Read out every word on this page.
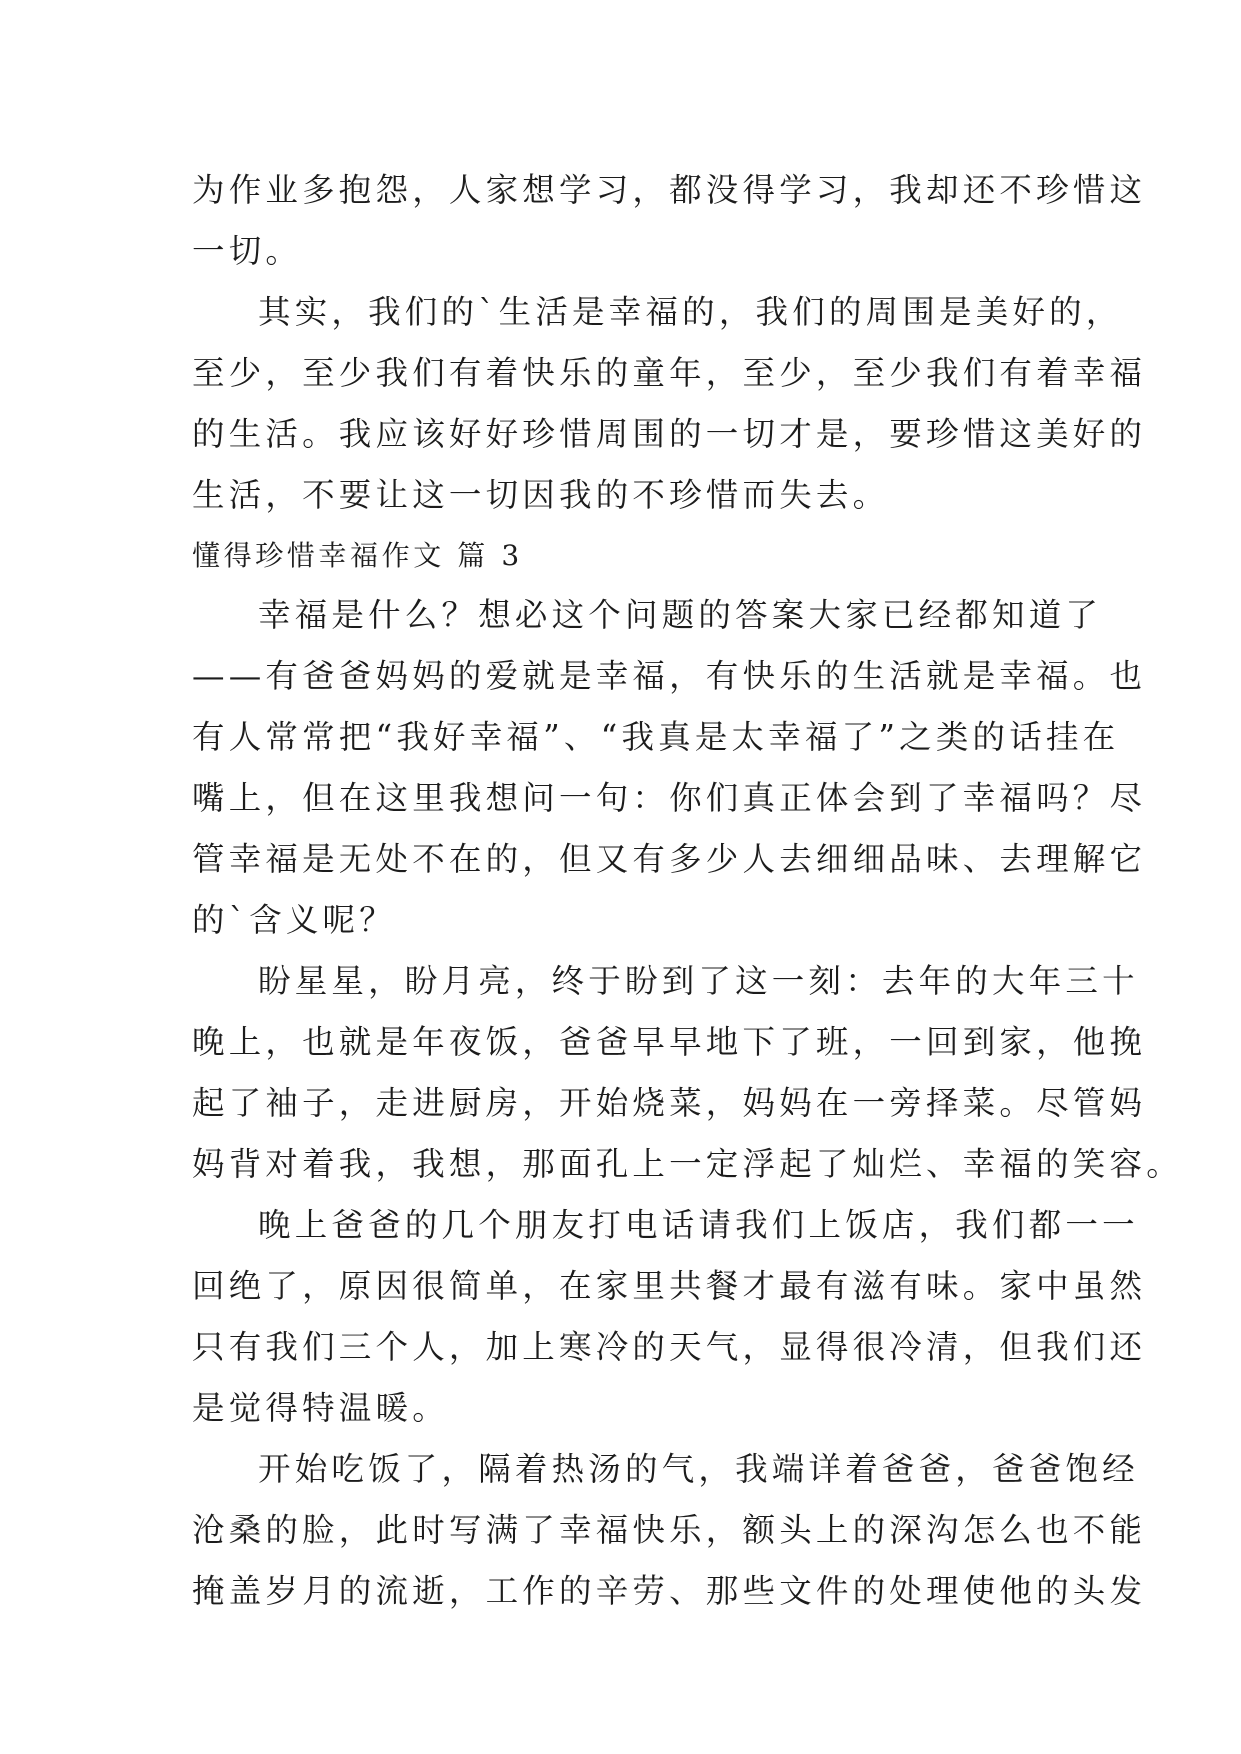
为作业多抱怨，人家想学习，都没得学习，我却还不珍惜这
一切。
其实，我们的`生活是幸福的，我们的周围是美好的，
至少，至少我们有着快乐的童年，至少，至少我们有着幸福
的生活。我应该好好珍惜周围的一切才是，要珍惜这美好的
生活，不要让这一切因我的不珍惜而失去。
懂得珍惜幸福作文 篇 3
幸福是什么？想必这个问题的答案大家已经都知道了
——有爸爸妈妈的爱就是幸福，有快乐的生活就是幸福。也
有人常常把“我好幸福”、“我真是太幸福了”之类的话挂在
嘴上，但在这里我想问一句：你们真正体会到了幸福吗？尽
管幸福是无处不在的，但又有多少人去细细品味、去理解它
的`含义呢？
盼星星，盼月亮，终于盼到了这一刻：去年的大年三十
晚上，也就是年夜饭，爸爸早早地下了班，一回到家，他挽
起了袖子，走进厨房，开始烧菜，妈妈在一旁择菜。尽管妈
妈背对着我，我想，那面孔上一定浮起了灿烂、幸福的笑容。
晚上爸爸的几个朋友打电话请我们上饭店，我们都一一
回绝了，原因很简单，在家里共餐才最有滋有味。家中虽然
只有我们三个人，加上寒冷的天气，显得很冷清，但我们还
是觉得特温暖。
开始吃饭了，隔着热汤的气，我端详着爸爸，爸爸饱经
沧桑的脸，此时写满了幸福快乐，额头上的深沟怎么也不能
掩盖岁月的流逝，工作的辛劳、那些文件的处理使他的头发
